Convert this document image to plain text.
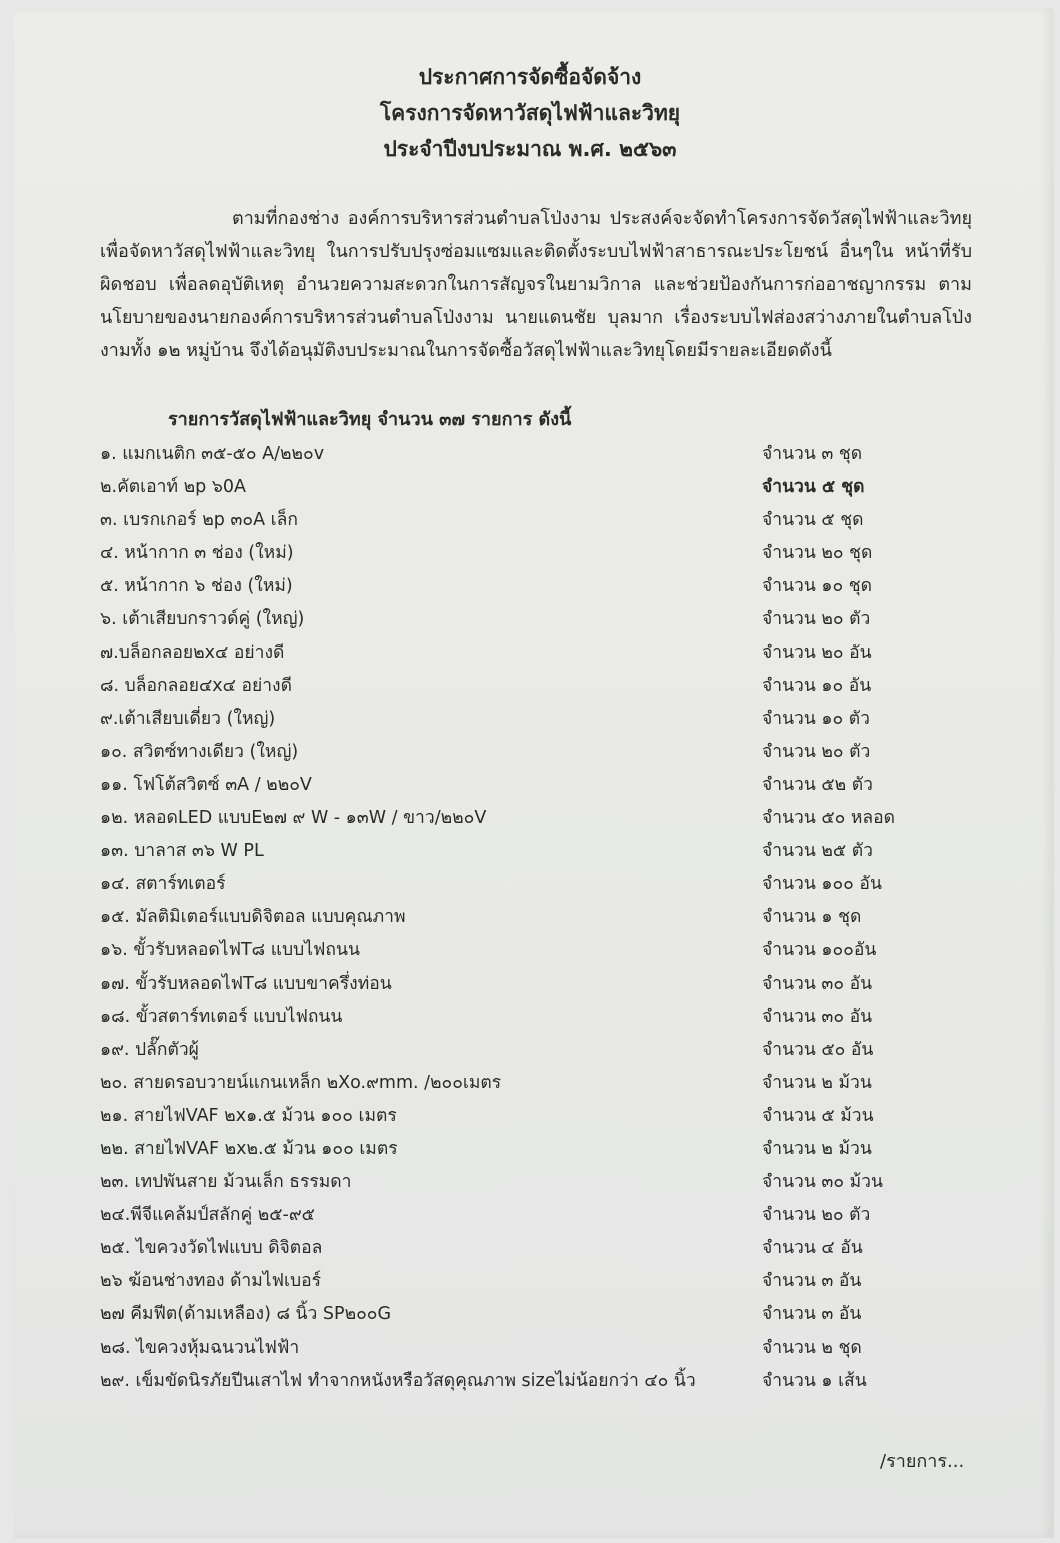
ประกาศการจัดซื้อจัดจ้าง
โครงการจัดหาวัสดุไฟฟ้าและวิทยุ
ประจำปีงบประมาณ พ.ศ. ๒๕๖๓
ตามที่กองช่าง องค์การบริหารส่วนตำบลโป่งงาม ประสงค์จะจัดทำโครงการจัดวัสดุไฟฟ้าและวิทยุ เพื่อจัดหาวัสดุไฟฟ้าและวิทยุ ในการปรับปรุงซ่อมแซมและติดตั้งระบบไฟฟ้าสาธารณะประโยชน์ อื่นๆใน หน้าที่รับผิดชอบ เพื่อลดอุบัติเหตุ อำนวยความสะดวกในการสัญจรในยามวิกาล และช่วยป้องกันการก่ออาชญากรรม ตามนโยบายของนายกองค์การบริหารส่วนตำบลโป่งงาม นายแดนชัย บุลมาก เรื่องระบบไฟส่องสว่างภายในตำบลโป่งงามทั้ง ๑๒ หมู่บ้าน จึงได้อนุมัติงบประมาณในการจัดซื้อวัสดุไฟฟ้าและวิทยุโดยมีรายละเอียดดังนี้
รายการวัสดุไฟฟ้าและวิทยุ จำนวน ๓๗ รายการ ดังนี้
๑. แมกเนติก ๓๕-๕๐ A/๒๒๐v	จำนวน ๓ ชุด
๒.คัตเอาท์ ๒p ๖0A	จำนวน ๕ ชุด
๓. เบรกเกอร์ ๒p ๓๐A เล็ก	จำนวน ๕ ชุด
๔. หน้ากาก ๓ ช่อง (ใหม่)	จำนวน ๒๐ ชุด
๕. หน้ากาก ๖ ช่อง (ใหม่)	จำนวน ๑๐ ชุด
๖. เต้าเสียบกราวด์คู่ (ใหญ่)	จำนวน ๒๐ ตัว
๗.บล็อกลอย๒x๔ อย่างดี	จำนวน ๒๐ อัน
๘. บล็อกลอย๔x๔ อย่างดี	จำนวน ๑๐ อัน
๙.เต้าเสียบเดี่ยว (ใหญ่)	จำนวน ๑๐ ตัว
๑๐. สวิตซ์ทางเดียว (ใหญ่)	จำนวน ๒๐ ตัว
๑๑. โฟโต้สวิตซ์ ๓A / ๒๒๐V	จำนวน ๕๒ ตัว
๑๒. หลอดLED แบบE๒๗ ๙ W - ๑๓W / ขาว/๒๒๐V	จำนวน ๕๐ หลอด
๑๓. บาลาส ๓๖ W PL	จำนวน ๒๕ ตัว
๑๔. สตาร์ทเตอร์	จำนวน ๑๐๐ อัน
๑๕. มัลติมิเตอร์แบบดิจิตอล แบบคุณภาพ	จำนวน ๑ ชุด
๑๖. ขั้วรับหลอดไฟT๘ แบบไฟถนน	จำนวน ๑๐๐อัน
๑๗. ขั้วรับหลอดไฟT๘ แบบขาครึ่งท่อน	จำนวน ๓๐ อัน
๑๘. ขั้วสตาร์ทเตอร์ แบบไฟถนน	จำนวน ๓๐ อัน
๑๙. ปลั๊กตัวผู้	จำนวน ๕๐ อัน
๒๐. สายดรอบวายน์แกนเหล็ก ๒Xo.๙mm. /๒๐๐เมตร	จำนวน ๒ ม้วน
๒๑. สายไฟVAF ๒x๑.๕ ม้วน ๑๐๐ เมตร	จำนวน ๕ ม้วน
๒๒. สายไฟVAF ๒x๒.๕ ม้วน ๑๐๐ เมตร	จำนวน ๒ ม้วน
๒๓. เทปพันสาย ม้วนเล็ก ธรรมดา	จำนวน ๓๐ ม้วน
๒๔.พีจีแคล้มป์สลักคู่ ๒๕-๙๕	จำนวน ๒๐ ตัว
๒๕. ไขควงวัดไฟแบบ ดิจิตอล	จำนวน ๔ อัน
๒๖ ฆ้อนช่างทอง ด้ามไฟเบอร์	จำนวน ๓ อัน
๒๗ คีมฟีต(ด้ามเหลือง) ๘ นิ้ว SP๒๐๐G	จำนวน ๓ อัน
๒๘. ไขควงหุ้มฉนวนไฟฟ้า	จำนวน ๒ ชุด
๒๙. เข็มขัดนิรภัยปีนเสาไฟ ทำจากหนังหรือวัสดุคุณภาพ sizeไม่น้อยกว่า ๔๐ นิ้ว	จำนวน ๑ เส้น
/รายการ...
